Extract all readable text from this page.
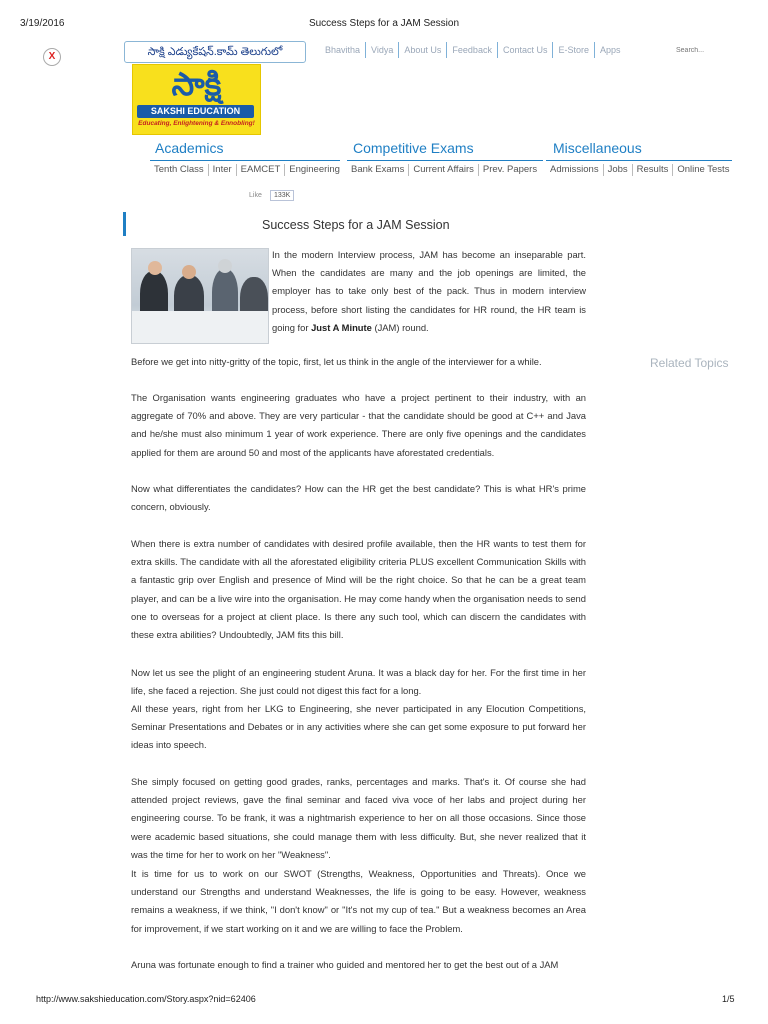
3/19/2016	Success Steps for a JAM Session
X	సాక్షి ఎడ్యుకేషన్.కామ్ తెలుగులో	Bhavitha	Vidya	About Us	Feedback	Contact Us	E-Store	Apps
Search...
సాక్షి
SAKSHI EDUCATION
Educating, Enlightening & Ennobling!
Academics	Competitive Exams	Miscellaneous
Tenth Class Inter EAMCET Engineering	Bank Exams Current Affairs Prev. Papers	Admissions Jobs Results Online Tests
Like	133K
Success Steps for a JAM Session
In the modern Interview process, JAM has become an inseparable part. When the candidates are many and the job openings are limited, the employer has to take only best of the pack. Thus in modern interview process, before short listing the candidates for HR round, the HR team is going for Just A Minute (JAM) round.
Related Topics
Before we get into nitty-gritty of the topic, first, let us think in the angle of the interviewer for a while.
The Organisation wants engineering graduates who have a project pertinent to their industry, with an aggregate of 70% and above. They are very particular - that the candidate should be good at C++ and Java and he/she must also minimum 1 year of work experience. There are only five openings and the candidates applied for them are around 50 and most of the applicants have aforestated credentials.
Now what differentiates the candidates? How can the HR get the best candidate? This is what HR's prime concern, obviously.
When there is extra number of candidates with desired profile available, then the HR wants to test them for extra skills. The candidate with all the aforestated eligibility criteria PLUS excellent Communication Skills with a fantastic grip over English and presence of Mind will be the right choice. So that he can be a great team player, and can be a live wire into the organisation. He may come handy when the organisation needs to send one to overseas for a project at client place. Is there any such tool, which can discern the candidates with these extra abilities? Undoubtedly, JAM fits this bill.
Now let us see the plight of an engineering student Aruna. It was a black day for her. For the first time in her life, she faced a rejection. She just could not digest this fact for a long.
All these years, right from her LKG to Engineering, she never participated in any Elocution Competitions, Seminar Presentations and Debates or in any activities where she can get some exposure to put forward her ideas into speech.
She simply focused on getting good grades, ranks, percentages and marks. That's it. Of course she had attended project reviews, gave the final seminar and faced viva voce of her labs and project during her engineering course. To be frank, it was a nightmarish experience to her on all those occasions. Since those were academic based situations, she could manage them with less difficulty. But, she never realized that it was the time for her to work on her "Weakness".
It is time for us to work on our SWOT (Strengths, Weakness, Opportunities and Threats). Once we understand our Strengths and understand Weaknesses, the life is going to be easy. However, weakness remains a weakness, if we think, "I don't know" or "It's not my cup of tea." But a weakness becomes an Area for improvement, if we start working on it and we are willing to face the Problem.
Aruna was fortunate enough to find a trainer who guided and mentored her to get the best out of a JAM
http://www.sakshieducation.com/Story.aspx?nid=62406	1/5
